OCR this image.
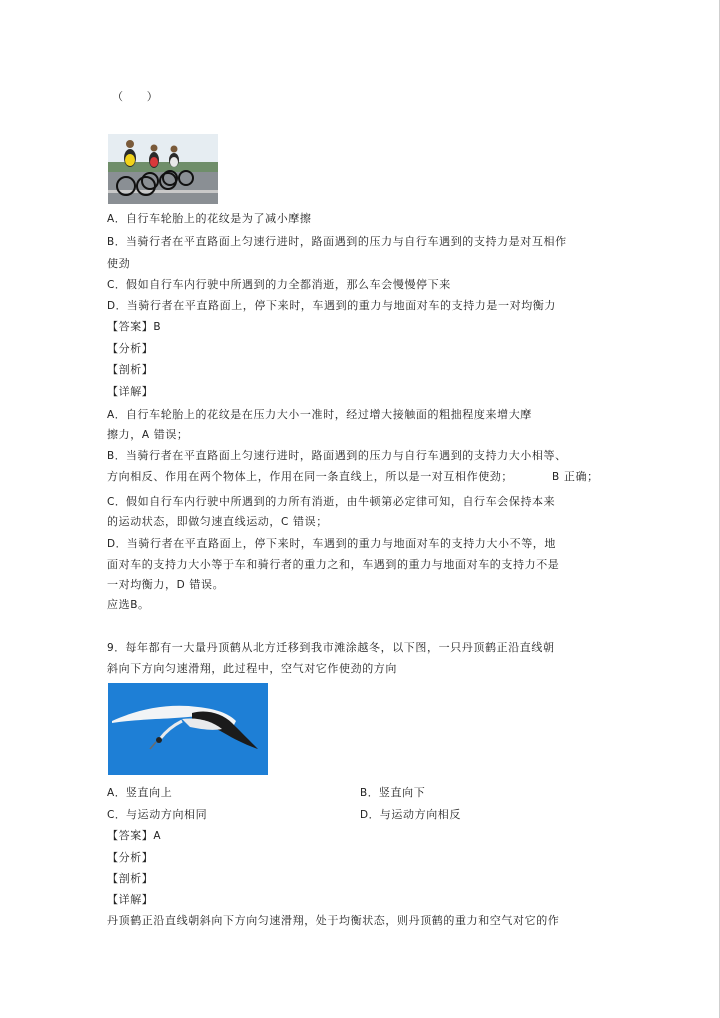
（　　）
A．自行车轮胎上的花纹是为了减小摩擦
B．当骑行者在平直路面上匀速行进时，路面遇到的压力与自行车遇到的支持力是对互相作
使劲
C．假如自行车内行驶中所遇到的力全都消逝，那么车会慢慢停下来
D．当骑行者在平直路面上，停下来时，车遇到的重力与地面对车的支持力是一对均衡力
【答案】B
【分析】
【剖析】
【详解】
A．自行车轮胎上的花纹是在压力大小一准时，经过增大接触面的粗拙程度来增大摩
擦力，A 错误；
B．当骑行者在平直路面上匀速行进时，路面遇到的压力与自行车遇到的支持力大小相等、
方向相反、作用在两个物体上，作用在同一条直线上，所以是一对互相作使劲；	B 正确；
C．假如自行车内行驶中所遇到的力所有消逝，由牛顿第必定律可知，自行车会保持本来
的运动状态，即做匀速直线运动，C 错误；
D．当骑行者在平直路面上，停下来时，车遇到的重力与地面对车的支持力大小不等，地
面对车的支持力大小等于车和骑行者的重力之和，车遇到的重力与地面对车的支持力不是
一对均衡力，D 错误。
应选B。
9．每年都有一大量丹顶鹤从北方迁移到我市滩涂越冬，以下图，一只丹顶鹤正沿直线朝
斜向下方向匀速滑翔，此过程中，空气对它作使劲的方向
A．竖直向上	B．竖直向下
C．与运动方向相同	D．与运动方向相反
【答案】A
【分析】
【剖析】
【详解】
丹顶鹤正沿直线朝斜向下方向匀速滑翔，处于均衡状态，则丹顶鹤的重力和空气对它的作
